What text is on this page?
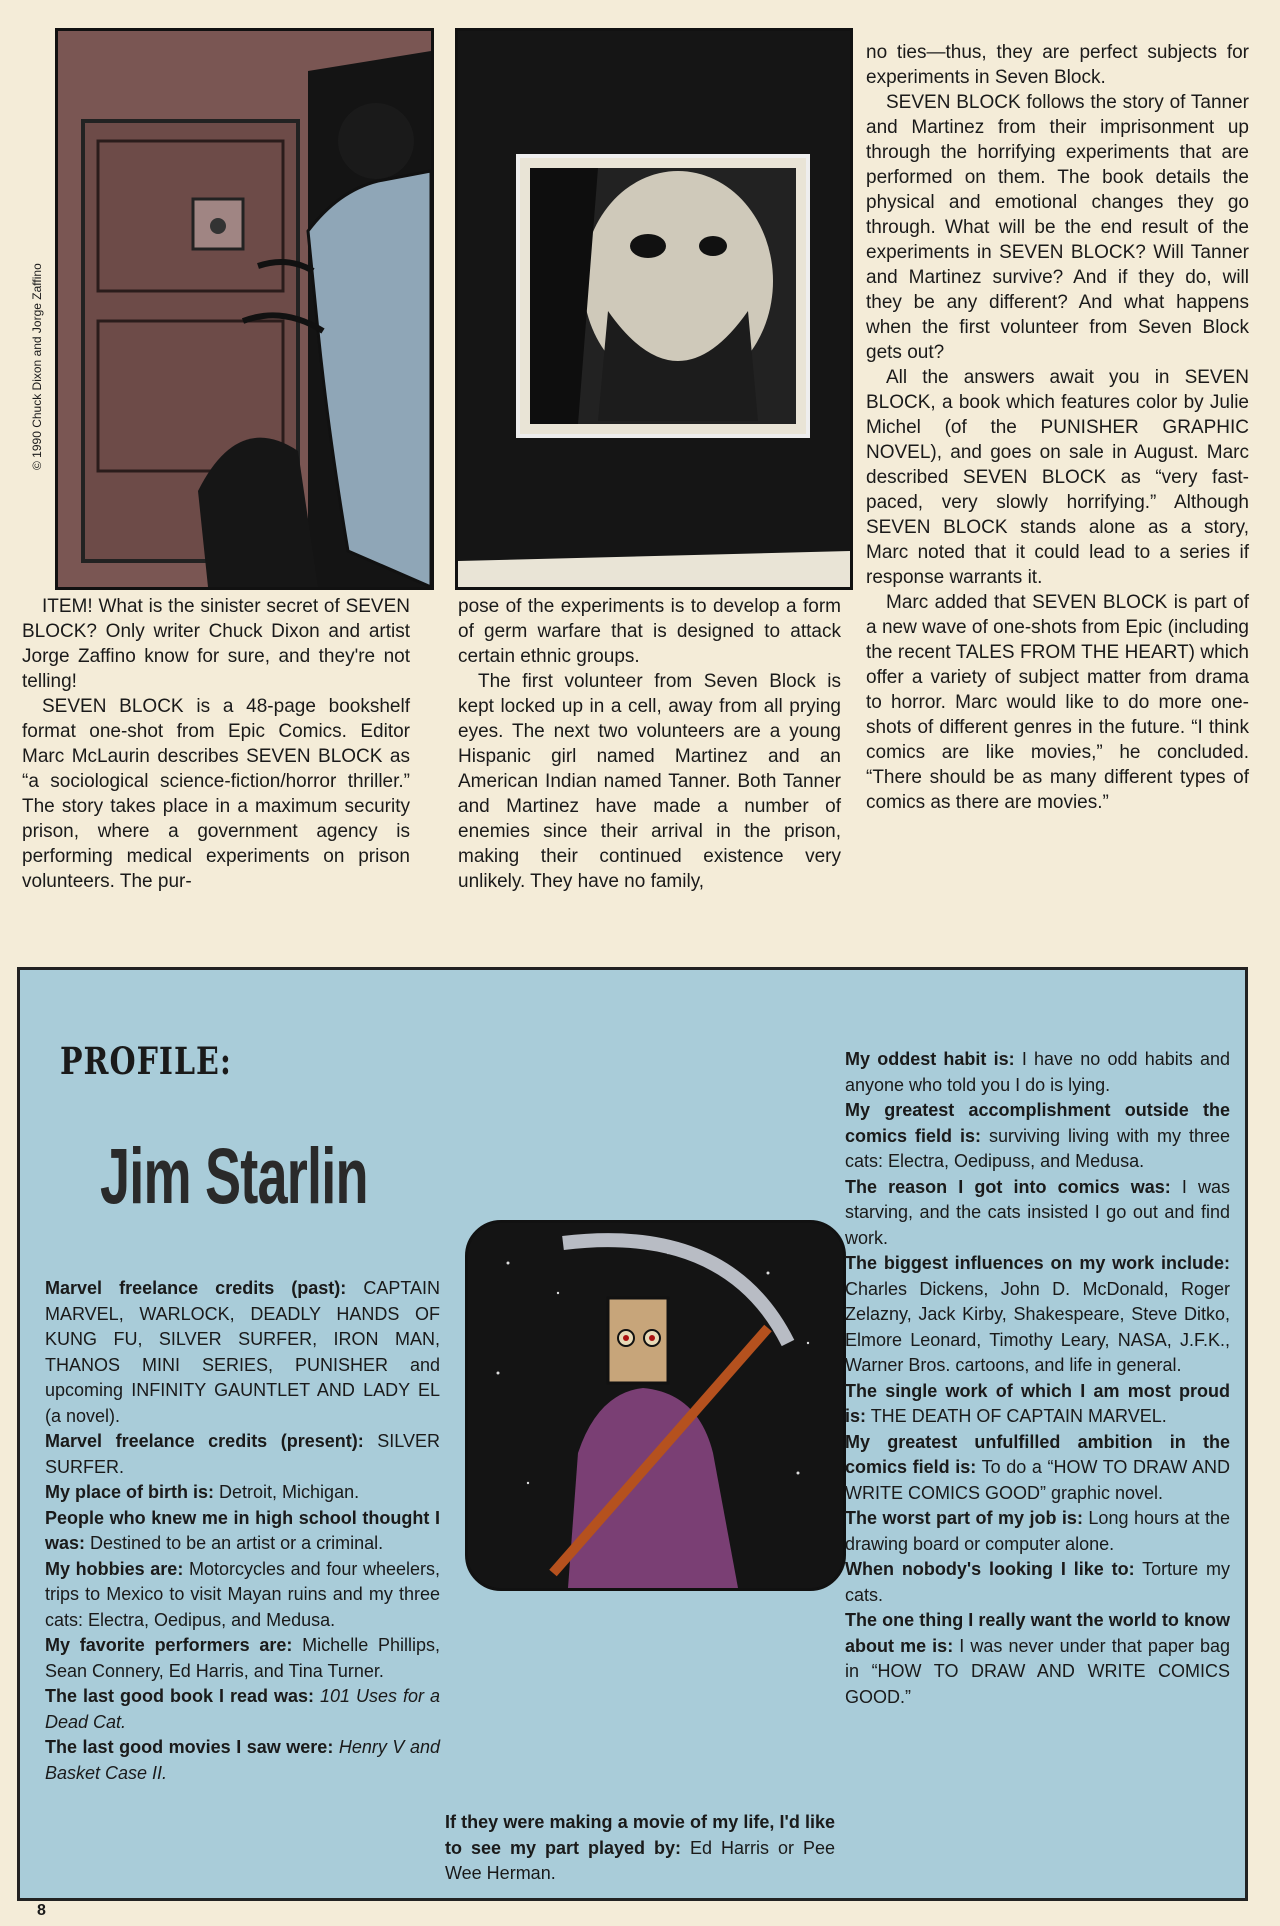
© 1990 Chuck Dixon and Jorge Zaffino

ITEM! What is the sinister secret of SEVEN BLOCK? Only writer Chuck Dixon and artist Jorge Zaffino know for sure, and they're not telling!

SEVEN BLOCK is a 48-page bookshelf format one-shot from Epic Comics. Editor Marc McLaurin describes SEVEN BLOCK as “a sociological science-fiction/horror thriller.” The story takes place in a maximum security prison, where a government agency is performing medical experiments on prison volunteers. The pur-

pose of the experiments is to develop a form of germ warfare that is designed to attack certain ethnic groups.

The first volunteer from Seven Block is kept locked up in a cell, away from all prying eyes. The next two volunteers are a young Hispanic girl named Martinez and an American Indian named Tanner. Both Tanner and Martinez have made a number of enemies since their arrival in the prison, making their continued existence very unlikely. They have no family,

no ties—thus, they are perfect subjects for experiments in Seven Block.

SEVEN BLOCK follows the story of Tanner and Martinez from their imprisonment up through the horrifying experiments that are performed on them. The book details the physical and emotional changes they go through. What will be the end result of the experiments in SEVEN BLOCK? Will Tanner and Martinez survive? And if they do, will they be any different? And what happens when the first volunteer from Seven Block gets out?

All the answers await you in SEVEN BLOCK, a book which features color by Julie Michel (of the PUNISHER GRAPHIC NOVEL), and goes on sale in August. Marc described SEVEN BLOCK as “very fast-paced, very slowly horrifying.” Although SEVEN BLOCK stands alone as a story, Marc noted that it could lead to a series if response warrants it.

Marc added that SEVEN BLOCK is part of a new wave of one-shots from Epic (including the recent TALES FROM THE HEART) which offer a variety of subject matter from drama to horror. Marc would like to do more one-shots of different genres in the future. “I think comics are like movies,” he concluded. “There should be as many different types of comics as there are movies.”

PROFILE:
Jim Starlin

Marvel freelance credits (past): CAPTAIN MARVEL, WARLOCK, DEADLY HANDS OF KUNG FU, SILVER SURFER, IRON MAN, THANOS MINI SERIES, PUNISHER and upcoming INFINITY GAUNTLET AND LADY EL (a novel).

Marvel freelance credits (present): SILVER SURFER.

My place of birth is: Detroit, Michigan.

People who knew me in high school thought I was: Destined to be an artist or a criminal.

My hobbies are: Motorcycles and four wheelers, trips to Mexico to visit Mayan ruins and my three cats: Electra, Oedipus, and Medusa.

My favorite performers are: Michelle Phillips, Sean Connery, Ed Harris, and Tina Turner.

The last good book I read was: 101 Uses for a Dead Cat.

The last good movies I saw were: Henry V and Basket Case II.

If they were making a movie of my life, I'd like to see my part played by: Ed Harris or Pee Wee Herman.

My oddest habit is: I have no odd habits and anyone who told you I do is lying.

My greatest accomplishment outside the comics field is: surviving living with my three cats: Electra, Oedipuss, and Medusa.

The reason I got into comics was: I was starving, and the cats insisted I go out and find work.

The biggest influences on my work include: Charles Dickens, John D. McDonald, Roger Zelazny, Jack Kirby, Shakespeare, Steve Ditko, Elmore Leonard, Timothy Leary, NASA, J.F.K., Warner Bros. cartoons, and life in general.

The single work of which I am most proud is: THE DEATH OF CAPTAIN MARVEL.

My greatest unfulfilled ambition in the comics field is: To do a “HOW TO DRAW AND WRITE COMICS GOOD” graphic novel.

The worst part of my job is: Long hours at the drawing board or computer alone.

When nobody's looking I like to: Torture my cats.

The one thing I really want the world to know about me is: I was never under that paper bag in “HOW TO DRAW AND WRITE COMICS GOOD.”

8
